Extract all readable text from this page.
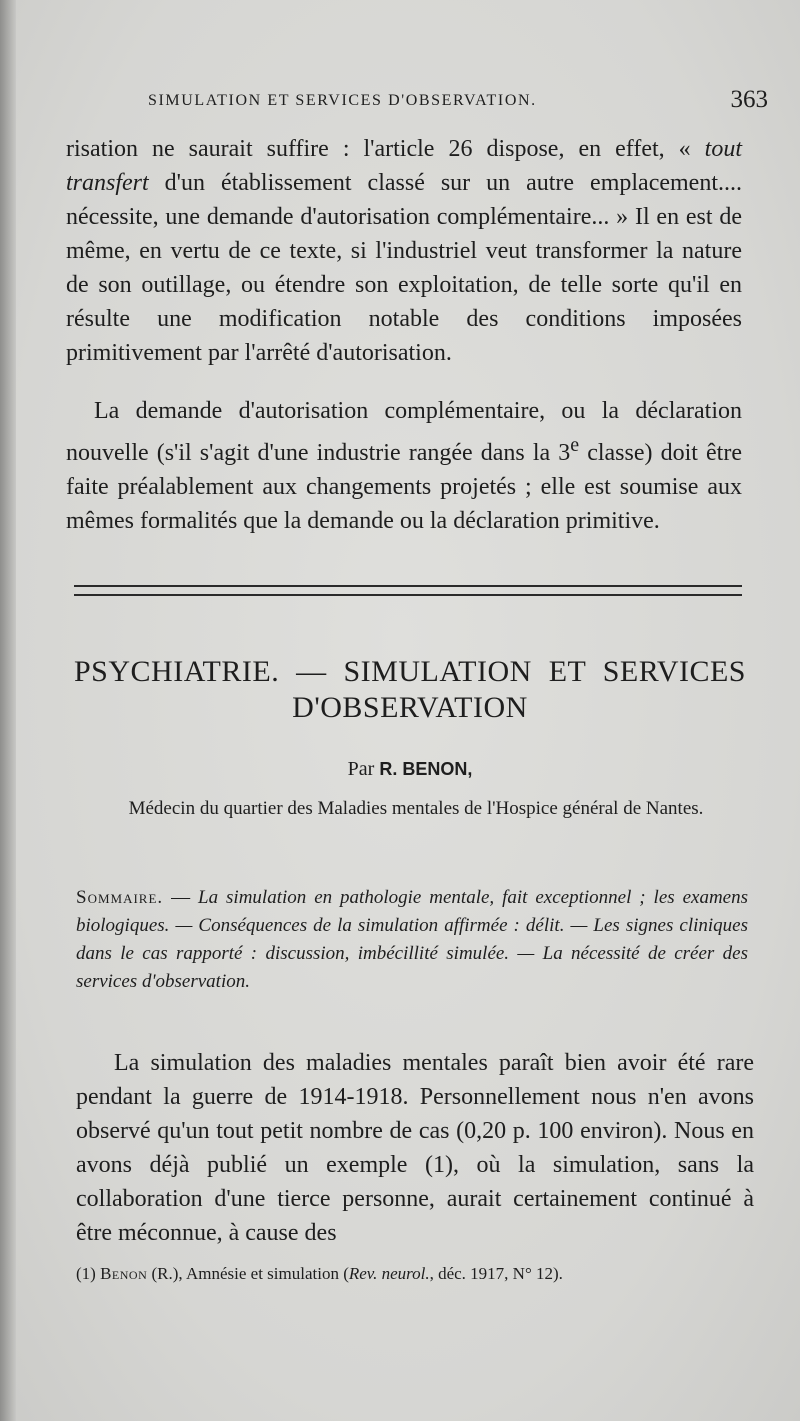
SIMULATION ET SERVICES D'OBSERVATION.	363
risation ne saurait suffire : l'article 26 dispose, en effet, « tout transfert d'un établissement classé sur un autre emplacement.... nécessite, une demande d'autorisation complémentaire... » Il en est de même, en vertu de ce texte, si l'industriel veut transformer la nature de son outillage, ou étendre son exploitation, de telle sorte qu'il en résulte une modification notable des conditions imposées primitivement par l'arrêté d'autorisation.
La demande d'autorisation complémentaire, ou la déclaration nouvelle (s'il s'agit d'une industrie rangée dans la 3e classe) doit être faite préalablement aux changements projetés ; elle est soumise aux mêmes formalités que la demande ou la déclaration primitive.
PSYCHIATRIE. — SIMULATION ET SERVICES
D'OBSERVATION
Par R. BENON,
Médecin du quartier des Maladies mentales de l'Hospice général de Nantes.
Sommaire. — La simulation en pathologie mentale, fait exceptionnel ; les examens biologiques. — Conséquences de la simulation affirmée : délit. — Les signes cliniques dans le cas rapporté : discussion, imbécillité simulée. — La nécessité de créer des services d'observation.
La simulation des maladies mentales paraît bien avoir été rare pendant la guerre de 1914-1918. Personnellement nous n'en avons observé qu'un tout petit nombre de cas (0,20 p. 100 environ). Nous en avons déjà publié un exemple (1), où la simulation, sans la collaboration d'une tierce personne, aurait certainement continué à être méconnue, à cause des
(1) Benon (R.), Amnésie et simulation (Rev. neurol., déc. 1917, N° 12).
